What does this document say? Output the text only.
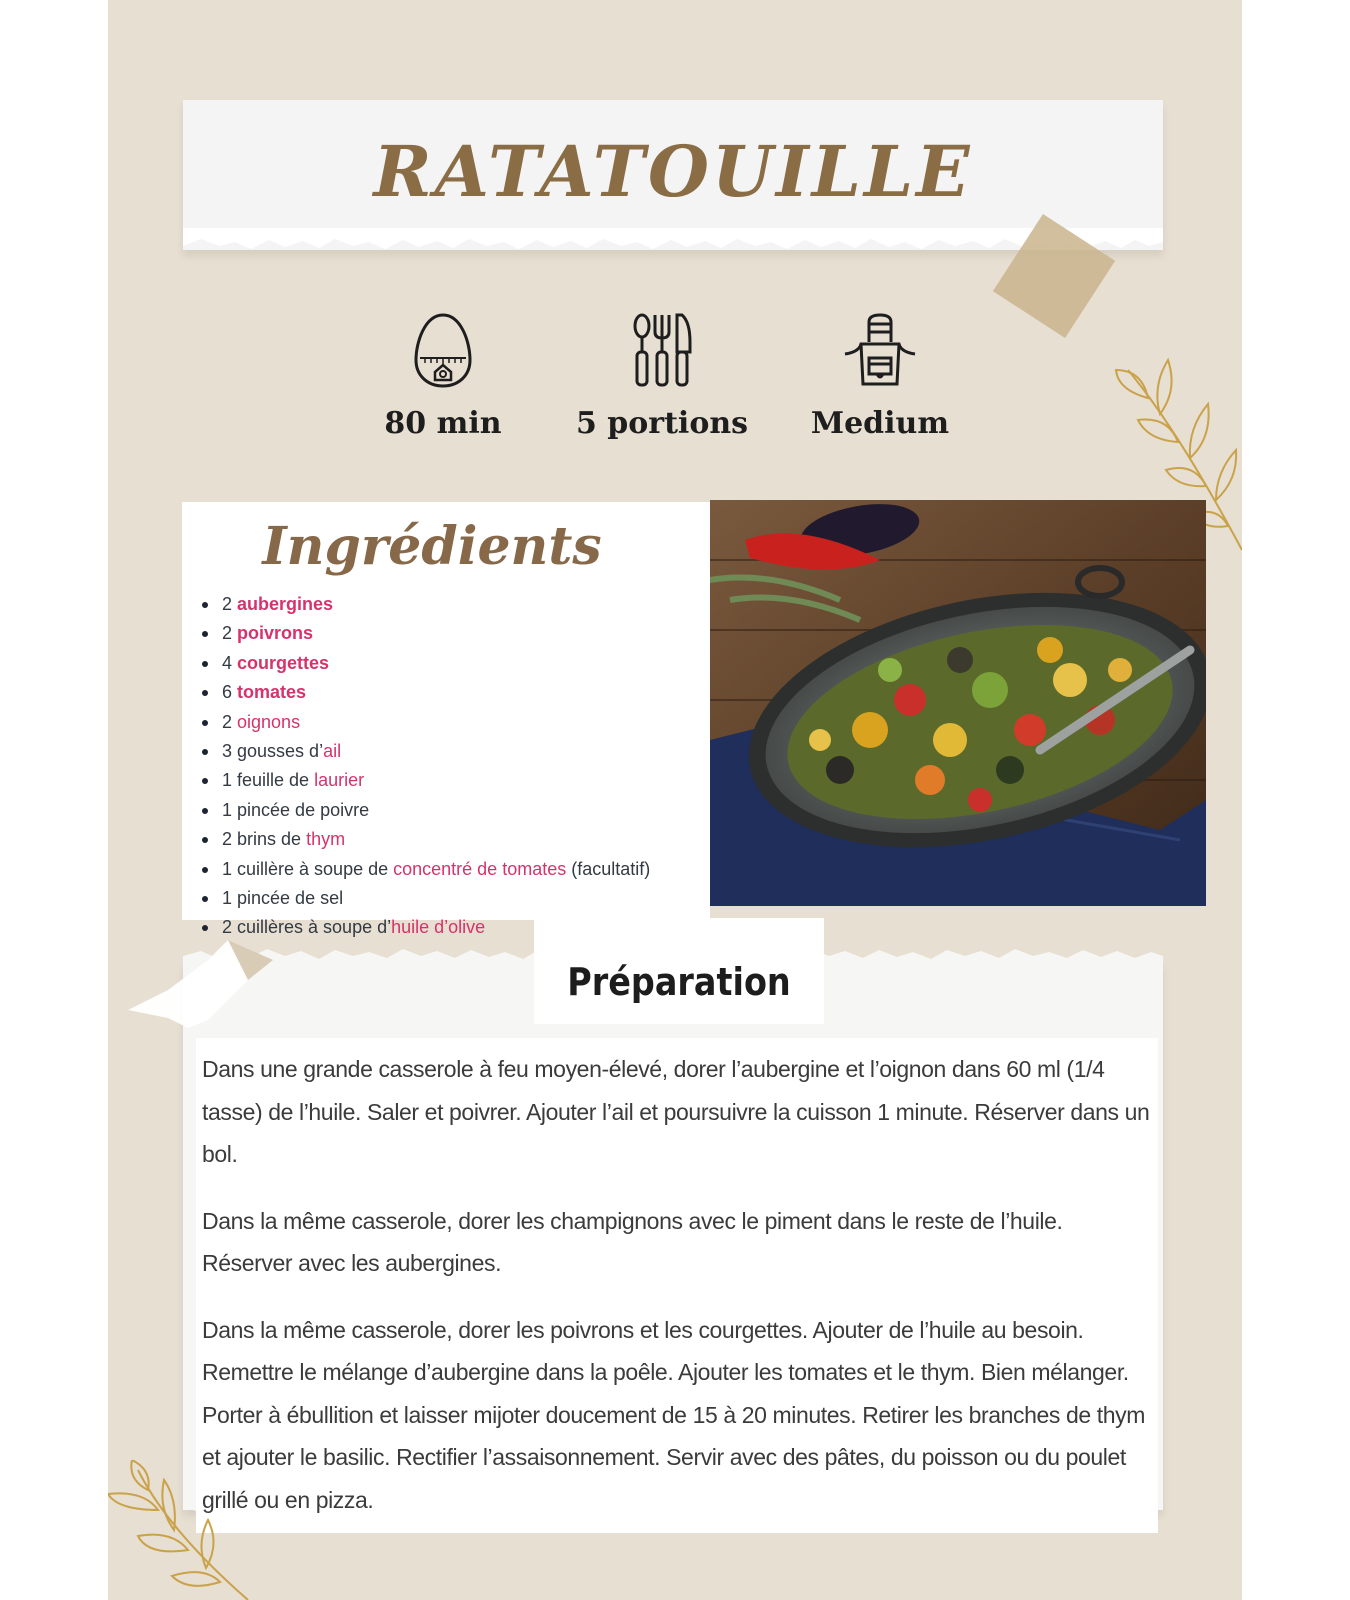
RATATOUILLE
80 min	5 portions	Medium
Ingrédients
2 aubergines
2 poivrons
4 courgettes
6 tomates
2 oignons
3 gousses d’ail
1 feuille de laurier
1 pincée de poivre
2 brins de thym
1 cuillère à soupe de concentré de tomates (facultatif)
1 pincée de sel
2 cuillères à soupe d’huile d’olive
Préparation

Dans une grande casserole à feu moyen-élevé, dorer l’aubergine et l’oignon dans 60 ml (1/4 tasse) de l’huile. Saler et poivrer. Ajouter l’ail et poursuivre la cuisson 1 minute. Réserver dans un bol.

Dans la même casserole, dorer les champignons avec le piment dans le reste de l’huile. Réserver avec les aubergines.

Dans la même casserole, dorer les poivrons et les courgettes. Ajouter de l’huile au besoin. Remettre le mélange d’aubergine dans la poêle. Ajouter les tomates et le thym. Bien mélanger. Porter à ébullition et laisser mijoter doucement de 15 à 20 minutes. Retirer les branches de thym et ajouter le basilic. Rectifier l’assaisonnement. Servir avec des pâtes, du poisson ou du poulet grillé ou en pizza.
